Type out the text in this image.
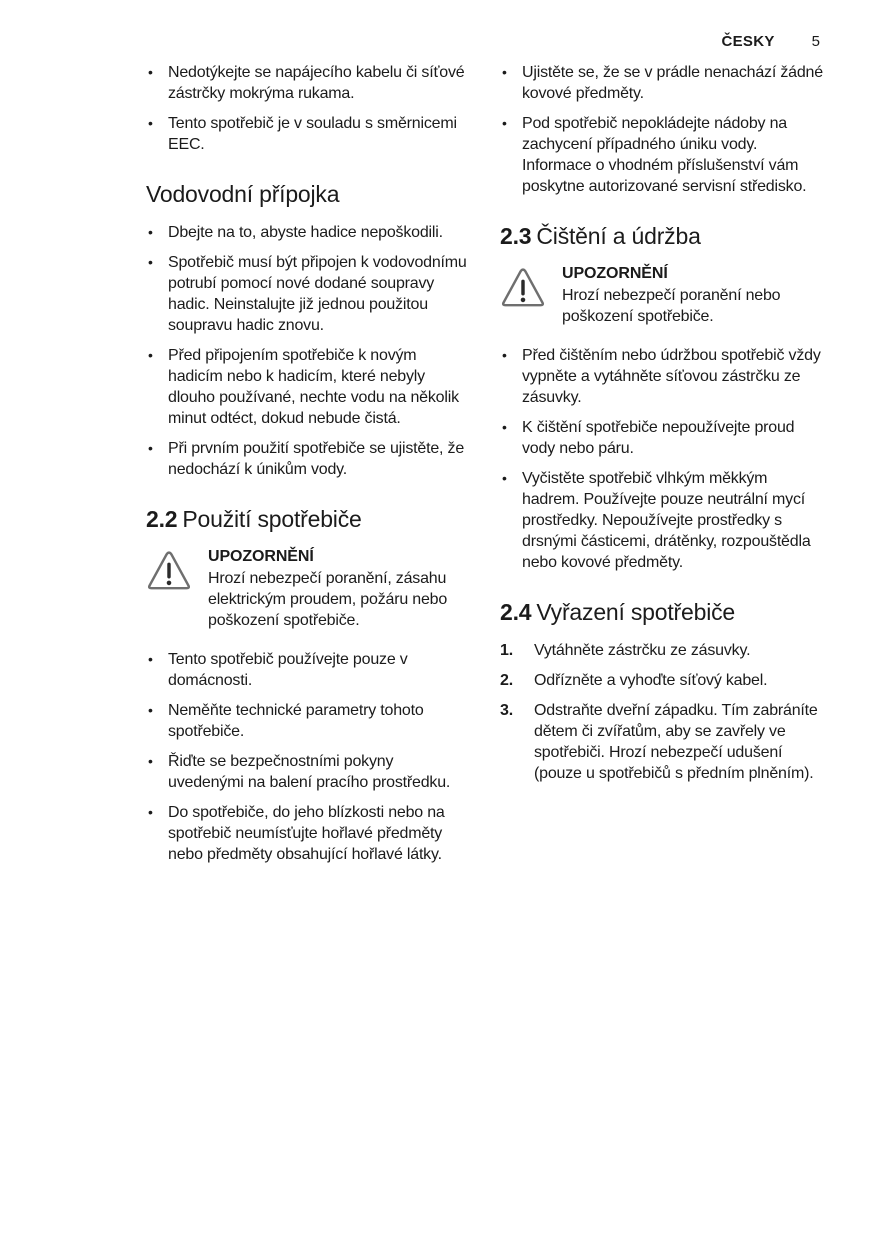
ČESKY 5
• Nedotýkejte se napájecího kabelu či síťové zástrčky mokrýma rukama.
• Tento spotřebič je v souladu s směrnicemi EEC.
Vodovodní přípojka
• Dbejte na to, abyste hadice nepoškodili.
• Spotřebič musí být připojen k vodovodnímu potrubí pomocí nové dodané soupravy hadic. Neinstalujte již jednou použitou soupravu hadic znovu.
• Před připojením spotřebiče k novým hadicím nebo k hadicím, které nebyly dlouho používané, nechte vodu na několik minut odtéct, dokud nebude čistá.
• Při prvním použití spotřebiče se ujistěte, že nedochází k únikům vody.
2.2 Použití spotřebiče
UPOZORNĚNÍ

Hrozí nebezpečí poranění, zásahu elektrickým proudem, požáru nebo poškození spotřebiče.

• Tento spotřebič používejte pouze v domácnosti.
• Neměňte technické parametry tohoto spotřebiče.
• Řiďte se bezpečnostními pokyny uvedenými na balení pracího prostředku.
• Do spotřebiče, do jeho blízkosti nebo na spotřebič neumísťujte hořlavé předměty nebo předměty obsahující hořlavé látky.
• Ujistěte se, že se v prádle nenachází žádné kovové předměty.
• Pod spotřebič nepokládejte nádoby na zachycení případného úniku vody. Informace o vhodném příslušenství vám poskytne autorizované servisní středisko.
2.3 Čištění a údržba
UPOZORNĚNÍ

Hrozí nebezpečí poranění nebo poškození spotřebiče.

• Před čištěním nebo údržbou spotřebič vždy vypněte a vytáhněte síťovou zástrčku ze zásuvky.
• K čištění spotřebiče nepoužívejte proud vody nebo páru.
• Vyčistěte spotřebič vlhkým měkkým hadrem. Používejte pouze neutrální mycí prostředky. Nepoužívejte prostředky s drsnými částicemi, drátěnky, rozpouštědla nebo kovové předměty.
2.4 Vyřazení spotřebiče
1.	Vytáhněte zástrčku ze zásuvky.
2.	Odřízněte a vyhoďte síťový kabel.
3.	Odstraňte dveřní západku. Tím zabráníte dětem či zvířatům, aby se zavřely ve spotřebiči. Hrozí nebezpečí udušení (pouze u spotřebičů s předním plněním).
